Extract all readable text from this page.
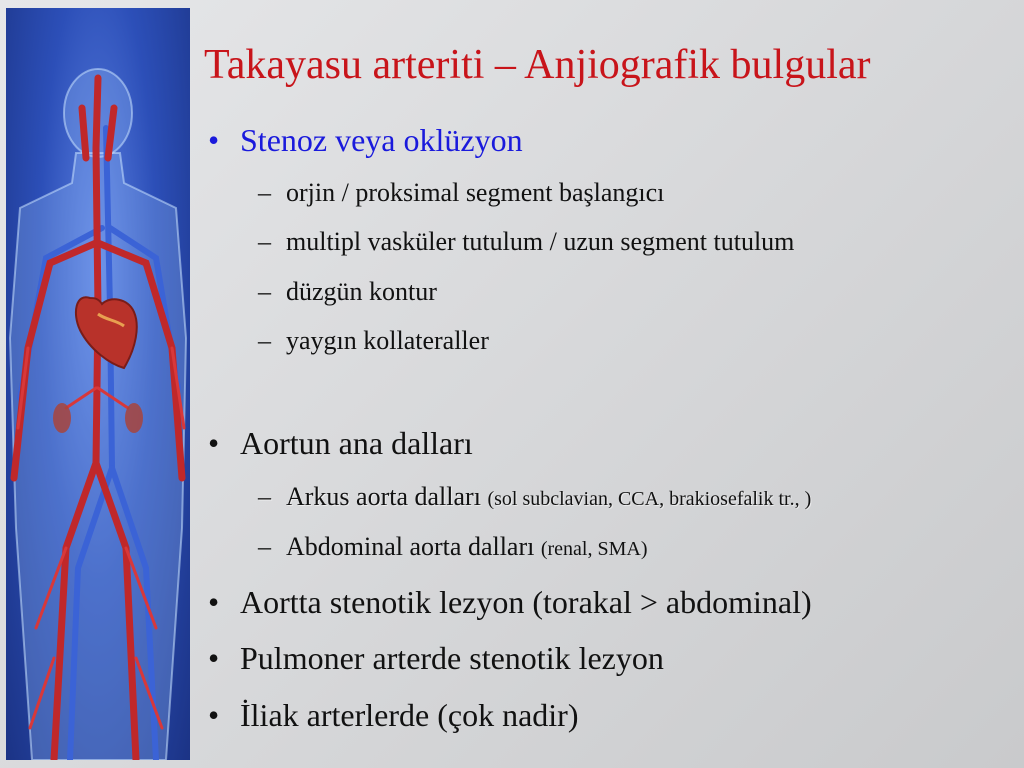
Takayasu arteriti – Anjiografik bulgular
• Stenoz veya oklüzyon
– orjin / proksimal segment başlangıcı
– multipl vasküler tutulum / uzun segment tutulum
– düzgün kontur
– yaygın kollateraller
• Aortun ana dalları
– Arkus aorta dalları (sol subclavian, CCA, brakiosefalik tr., )
– Abdominal aorta dalları (renal, SMA)
• Aortta stenotik lezyon (torakal > abdominal)
• Pulmoner arterde stenotik lezyon
• İliak arterlerde (çok nadir)
